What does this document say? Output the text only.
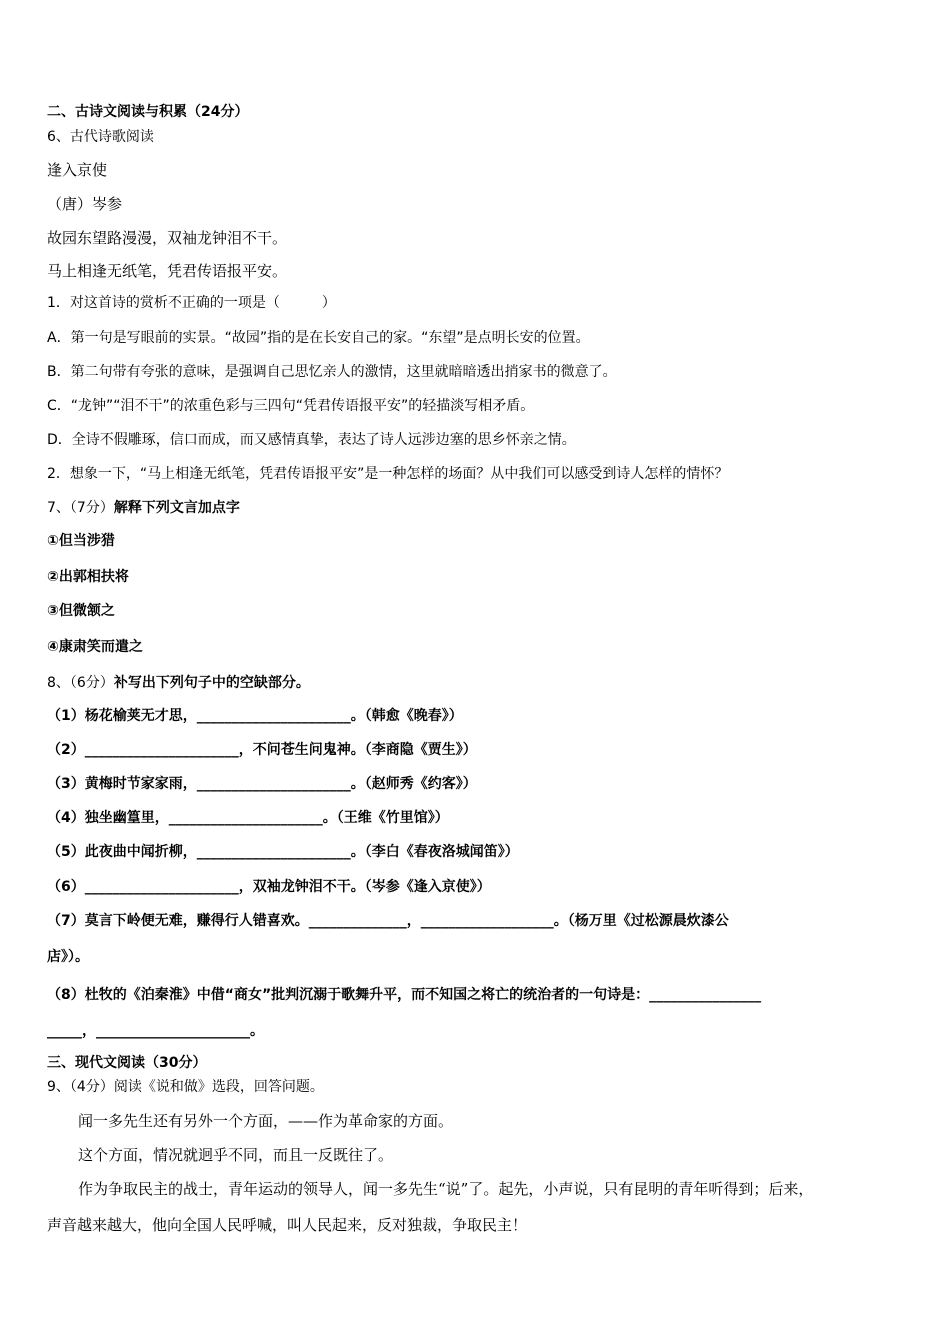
二、古诗文阅读与积累（24分）
6、古代诗歌阅读
逢入京使
（唐）岑参
故园东望路漫漫，双袖龙钟泪不干。
马上相逢无纸笔，凭君传语报平安。
1．对这首诗的赏析不正确的一项是（　　　）
A．第一句是写眼前的实景。“故园”指的是在长安自己的家。“东望”是点明长安的位置。
B．第二句带有夸张的意味，是强调自己思忆亲人的激情，这里就暗暗透出捎家书的微意了。
C．“龙钟”“泪不干”的浓重色彩与三四句“凭君传语报平安”的轻描淡写相矛盾。
D．全诗不假雕琢，信口而成，而又感情真挚，表达了诗人远涉边塞的思乡怀亲之情。
2．想象一下，“马上相逢无纸笔，凭君传语报平安”是一种怎样的场面？从中我们可以感受到诗人怎样的情怀？
7、（7分）解释下列文言加点字
①但当涉猎
②出郭相扶将
③但微颔之
④康肃笑而遣之
8、（6分）补写出下列句子中的空缺部分。
（1）杨花榆荚无才思，______________________。（韩愈《晚春》）
（2）______________________，不问苍生问鬼神。（李商隐《贾生》）
（3）黄梅时节家家雨，______________________。（赵师秀《约客》）
（4）独坐幽篁里，______________________。（王维《竹里馆》）
（5）此夜曲中闻折柳，______________________。（李白《春夜洛城闻笛》）
（6）______________________，双袖龙钟泪不干。（岑参《逢入京使》）
（7）莫言下岭便无难，赚得行人错喜欢。______________，___________________。（杨万里《过松源晨炊漆公
店》）。
（8）杜牧的《泊秦淮》中借“商女”批判沉溺于歌舞升平，而不知国之将亡的统治者的一句诗是：________________
_____，______________________。
三、现代文阅读（30分）
9、（4分）阅读《说和做》选段，回答问题。
闻一多先生还有另外一个方面，——作为革命家的方面。
这个方面，情况就迥乎不同，而且一反既往了。
作为争取民主的战士，青年运动的领导人，闻一多先生“说”了。起先，小声说，只有昆明的青年听得到；后来，
声音越来越大，他向全国人民呼喊，叫人民起来，反对独裁，争取民主！
